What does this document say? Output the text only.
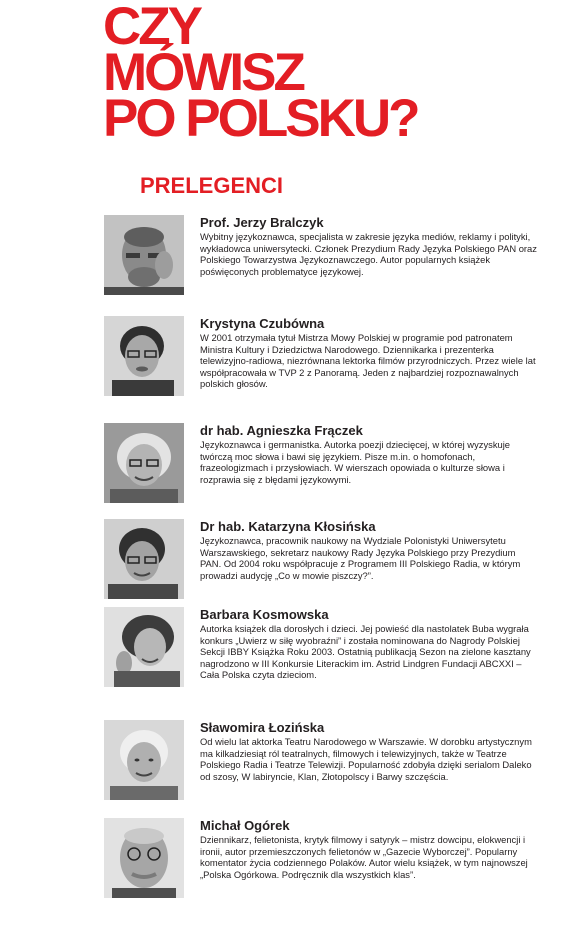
CZY
MÓWISZ
PO POLSKU?
PRELEGENCI
Prof. Jerzy Bralczyk

Wybitny językoznawca, specjalista w zakresie języka mediów, reklamy i polityki, wykładowca uniwersytecki. Członek Prezydium Rady Języka Polskiego PAN oraz Polskiego Towarzystwa Językoznawczego. Autor popularnych książek poświęconych problematyce językowej.

Krystyna Czubówna

W 2001 otrzymała tytuł Mistrza Mowy Polskiej w programie pod patronatem Ministra Kultury i Dziedzictwa Narodowego. Dziennikarka i prezenterka telewizyjno-radiowa, niezrównana lektorka filmów przyrodniczych. Przez wiele lat współpracowała w TVP 2 z Panoramą. Jeden z najbardziej rozpoznawalnych polskich głosów.

dr hab. Agnieszka Frączek

Językoznawca i germanistka. Autorka poezji dziecięcej, w której wyzyskuje twórczą moc słowa i bawi się językiem. Pisze m.in. o homofonach, frazeologizmach i przysłowiach. W wierszach opowiada o kulturze słowa i rozprawia się z błędami językowymi.

Dr hab. Katarzyna Kłosińska

Językoznawca, pracownik naukowy na Wydziale Polonistyki Uniwersytetu Warszawskiego, sekretarz naukowy Rady Języka Polskiego przy Prezydium PAN. Od 2004 roku współpracuje z Programem III Polskiego Radia, w którym prowadzi audycję „Co w mowie piszczy?”.

Barbara Kosmowska

Autorka książek dla dorosłych i dzieci. Jej powieść dla nastolatek Buba wygrała konkurs „Uwierz w siłę wyobraźni” i została nominowana do Nagrody Polskiej Sekcji IBBY Książka Roku 2003. Ostatnią publikacją Sezon na zielone kasztany nagrodzono w III Konkursie Literackim im. Astrid Lindgren Fundacji ABCXXI – Cała Polska czyta dzieciom.

Sławomira Łozińska

Od wielu lat aktorka Teatru Narodowego w Warszawie. W dorobku artystycznym ma kilkadziesiąt ról teatralnych, filmowych i telewizyjnych, także w Teatrze Polskiego Radia i Teatrze Telewizji. Popularność zdobyła dzięki serialom Daleko od szosy, W labiryncie, Klan, Złotopolscy i Barwy szczęścia.

Michał Ogórek

Dziennikarz, felietonista, krytyk filmowy i satyryk – mistrz dowcipu, elokwencji i ironii, autor przemieszczonych felietonów w „Gazecie Wyborczej”. Popularny komentator życia codziennego Polaków. Autor wielu książek, w tym najnowszej „Polska Ogórkowa. Podręcznik dla wszystkich klas”.
